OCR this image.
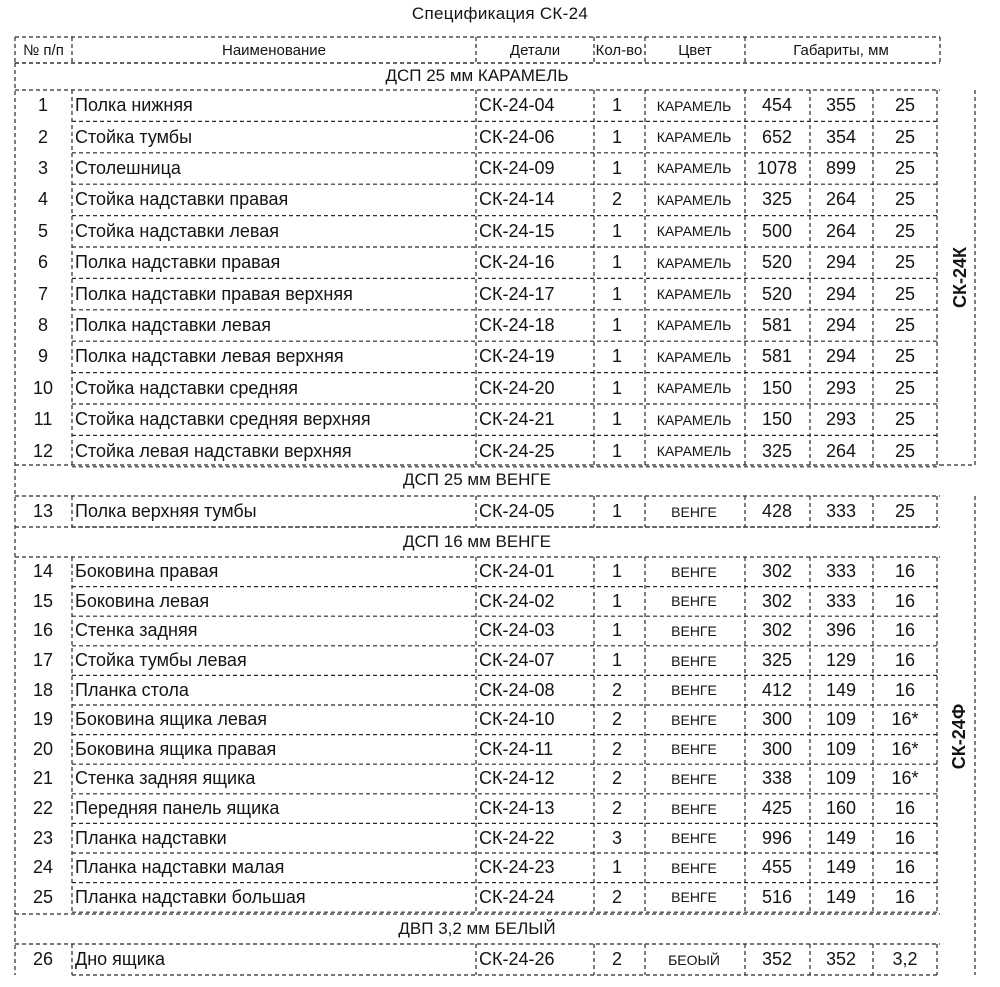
Спецификация СК-24
№ п/п	Наименование	Детали	Кол-во	Цвет	Габариты, мм
ДСП 25 мм КАРАМЕЛЬ
1	Полка нижняя	СК-24-04	1	КАРАМЕЛЬ	454	355	25
2	Стойка тумбы	СК-24-06	1	КАРАМЕЛЬ	652	354	25
3	Столешница	СК-24-09	1	КАРАМЕЛЬ	1078	899	25
4	Стойка надставки правая	СК-24-14	2	КАРАМЕЛЬ	325	264	25
5	Стойка надставки левая	СК-24-15	1	КАРАМЕЛЬ	500	264	25
6	Полка надставки правая	СК-24-16	1	КАРАМЕЛЬ	520	294	25
7	Полка надставки правая верхняя	СК-24-17	1	КАРАМЕЛЬ	520	294	25
8	Полка надставки левая	СК-24-18	1	КАРАМЕЛЬ	581	294	25
9	Полка надставки левая верхняя	СК-24-19	1	КАРАМЕЛЬ	581	294	25
10	Стойка надставки средняя	СК-24-20	1	КАРАМЕЛЬ	150	293	25
11	Стойка надставки средняя верхняя	СК-24-21	1	КАРАМЕЛЬ	150	293	25
12	Стойка левая надставки верхняя	СК-24-25	1	КАРАМЕЛЬ	325	264	25
ДСП 25 мм ВЕНГЕ
13	Полка верхняя тумбы	СК-24-05	1	ВЕНГЕ	428	333	25
ДСП 16 мм ВЕНГЕ
14	Боковина правая	СК-24-01	1	ВЕНГЕ	302	333	16
15	Боковина левая	СК-24-02	1	ВЕНГЕ	302	333	16
16	Стенка задняя	СК-24-03	1	ВЕНГЕ	302	396	16
17	Стойка тумбы левая	СК-24-07	1	ВЕНГЕ	325	129	16
18	Планка стола	СК-24-08	2	ВЕНГЕ	412	149	16
19	Боковина ящика левая	СК-24-10	2	ВЕНГЕ	300	109	16*
20	Боковина ящика правая	СК-24-11	2	ВЕНГЕ	300	109	16*
21	Стенка задняя ящика	СК-24-12	2	ВЕНГЕ	338	109	16*
22	Передняя панель ящика	СК-24-13	2	ВЕНГЕ	425	160	16
23	Планка надставки	СК-24-22	3	ВЕНГЕ	996	149	16
24	Планка надставки малая	СК-24-23	1	ВЕНГЕ	455	149	16
25	Планка надставки большая	СК-24-24	2	ВЕНГЕ	516	149	16
ДВП 3,2 мм БЕЛЫЙ
26	Дно ящика	СК-24-26	2	БЕОЫЙ	352	352	3,2
СК-24К
СК-24Ф
